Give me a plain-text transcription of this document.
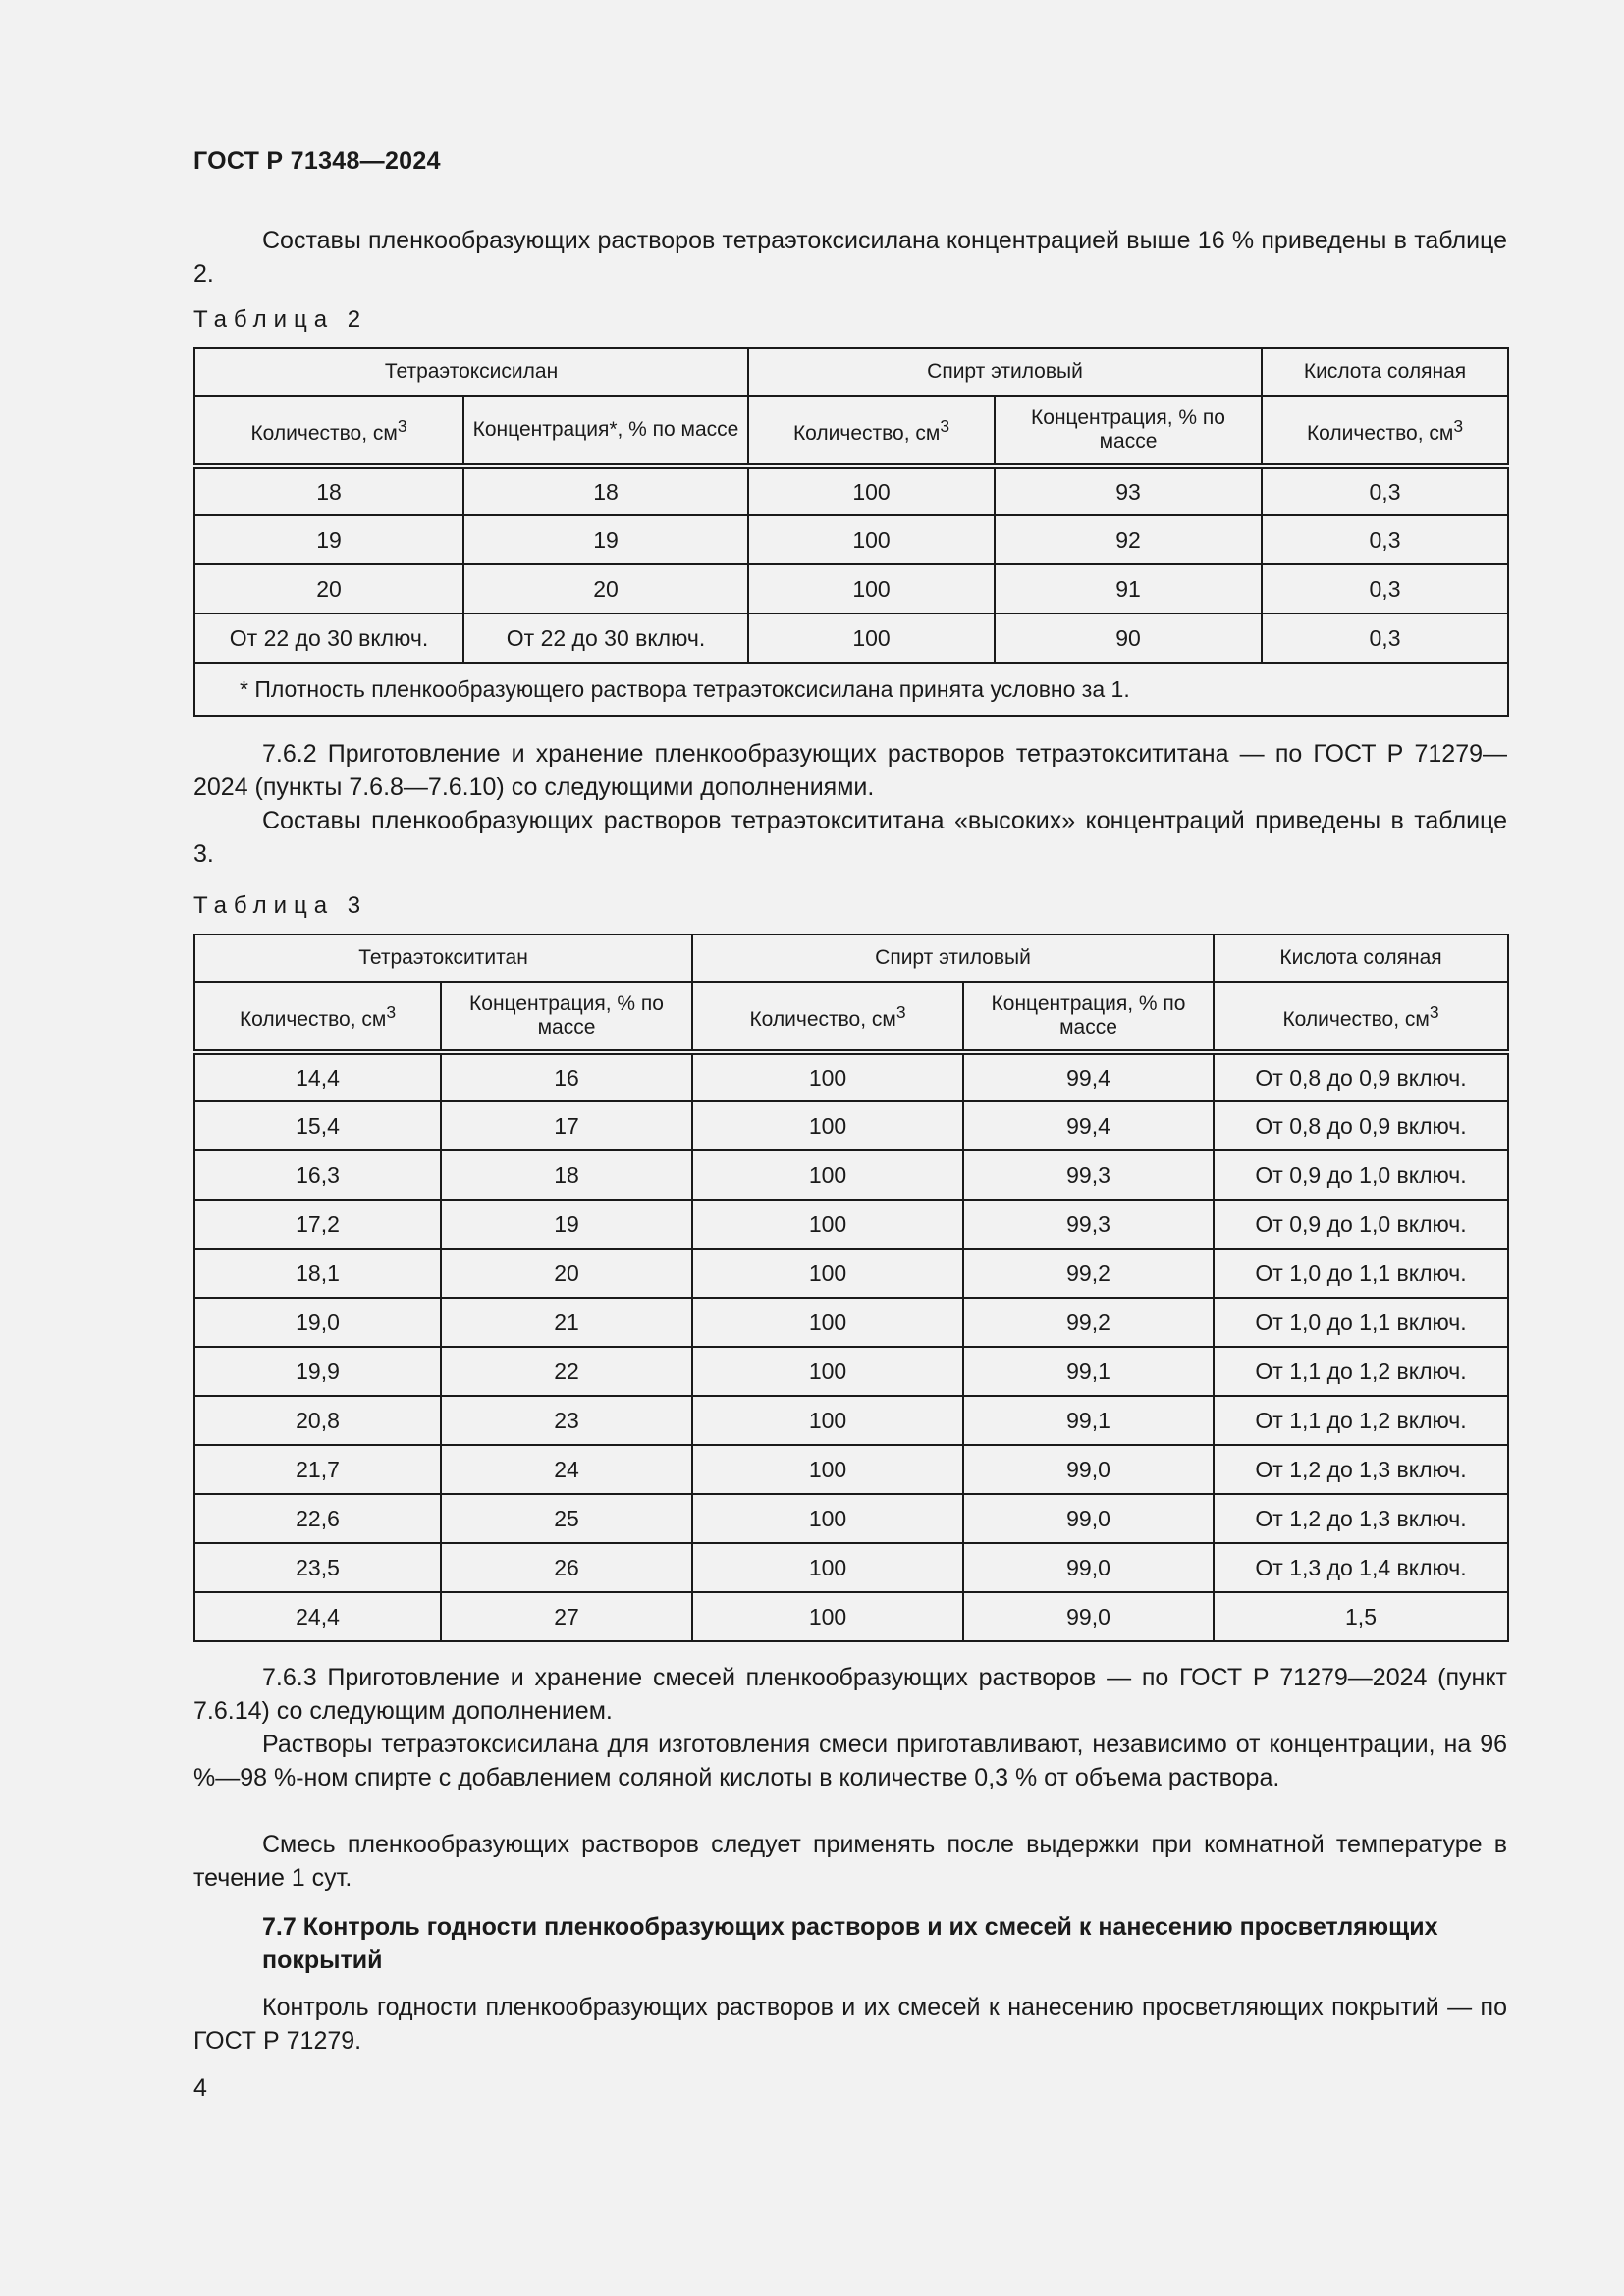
ГОСТ Р 71348—2024
Составы пленкообразующих растворов тетраэтоксисилана концентрацией выше 16 % приведены в таблице 2.
Таблица 2
Тетраэтоксисилан		Спирт этиловый		Кислота соляная
Количество, $см^3$	Концентрация*, % по массе	Количество, $см^3$	Концентрация, % по массе	Количество, $см^3$
18	18	100	93	0,3
19	19	100	92	0,3
20	20	100	91	0,3
От 22 до 30 включ.	От 22 до 30 включ.	100	90	0,3
* Плотность пленкообразующего раствора тетраэтоксисилана принята условно за 1.				
7.6.2 Приготовление и хранение пленкообразующих растворов тетраэтоксититана — по ГОСТ Р 71279—2024 (пункты 7.6.8—7.6.10) со следующими дополнениями.
Составы пленкообразующих растворов тетраэтоксититана «высоких» концентраций приведены в таблице 3.
Таблица 3
Тетраэтоксититан		Спирт этиловый		Кислота соляная
Количество, $см^3$	Концентрация, % по массе	Количество, $см^3$	Концентрация, % по массе	Количество, $см^3$
14,4	16	100	99,4	От 0,8 до 0,9 включ.
15,4	17	100	99,4	От 0,8 до 0,9 включ.
16,3	18	100	99,3	От 0,9 до 1,0 включ.
17,2	19	100	99,3	От 0,9 до 1,0 включ.
18,1	20	100	99,2	От 1,0 до 1,1 включ.
19,0	21	100	99,2	От 1,0 до 1,1 включ.
19,9	22	100	99,1	От 1,1 до 1,2 включ.
20,8	23	100	99,1	От 1,1 до 1,2 включ.
21,7	24	100	99,0	От 1,2 до 1,3 включ.
22,6	25	100	99,0	От 1,2 до 1,3 включ.
23,5	26	100	99,0	От 1,3 до 1,4 включ.
24,4	27	100	99,0	1,5
7.6.3 Приготовление и хранение смесей пленкообразующих растворов — по ГОСТ Р 71279—2024 (пункт 7.6.14) со следующим дополнением.
Растворы тетраэтоксисилана для изготовления смеси приготавливают, независимо от концентрации, на 96 %—98 %-ном спирте с добавлением соляной кислоты в количестве 0,3 % от объема раствора.
Смесь пленкообразующих растворов следует применять после выдержки при комнатной температуре в течение 1 сут.
7.7 Контроль годности пленкообразующих растворов и их смесей к нанесению просветляющих покрытий
Контроль годности пленкообразующих растворов и их смесей к нанесению просветляющих покрытий — по ГОСТ Р 71279.
4
